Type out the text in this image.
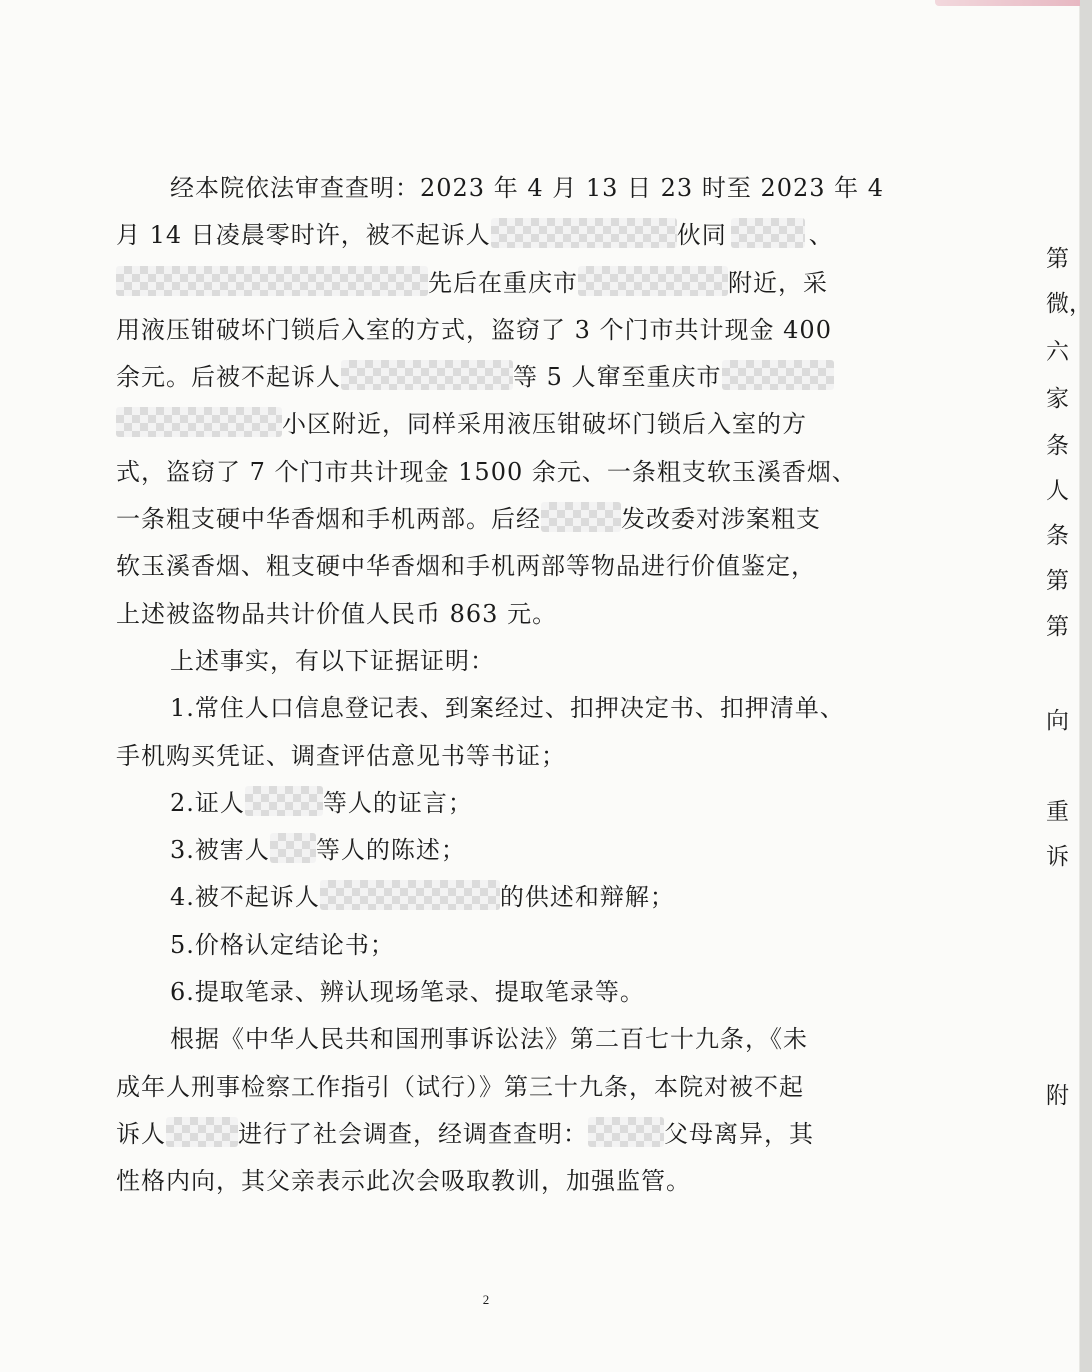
经本院依法审查查明：2023 年 4 月 13 日 23 时至 2023 年 4
月 14 日凌晨零时许，被不起诉人	伙同	、
先后在重庆市	附近，采
用液压钳破坏门锁后入室的方式，盗窃了 3 个门市共计现金 400
余元。后被不起诉人	等 5 人窜至重庆市
小区附近，同样采用液压钳破坏门锁后入室的方
式，盗窃了 7 个门市共计现金 1500 余元、一条粗支软玉溪香烟、
一条粗支硬中华香烟和手机两部。后经	发改委对涉案粗支
软玉溪香烟、粗支硬中华香烟和手机两部等物品进行价值鉴定，
上述被盗物品共计价值人民币 863 元。
上述事实，有以下证据证明：
1.常住人口信息登记表、到案经过、扣押决定书、扣押清单、
手机购买凭证、调查评估意见书等书证；
2.证人	等人的证言；
3.被害人 等人的陈述；
4.被不起诉人	的供述和辩解；
5.价格认定结论书；
6.提取笔录、辨认现场笔录、提取笔录等。
根据《中华人民共和国刑事诉讼法》第二百七十九条，《未
成年人刑事检察工作指引（试行）》第三十九条，本院对被不起
诉人	进行了社会调查，经调查查明：	父母离异，其
性格内向，其父亲表示此次会吸取教训，加强监管。
第
微，
六
家
条
人
条
第
第
向
重
诉
附
2
